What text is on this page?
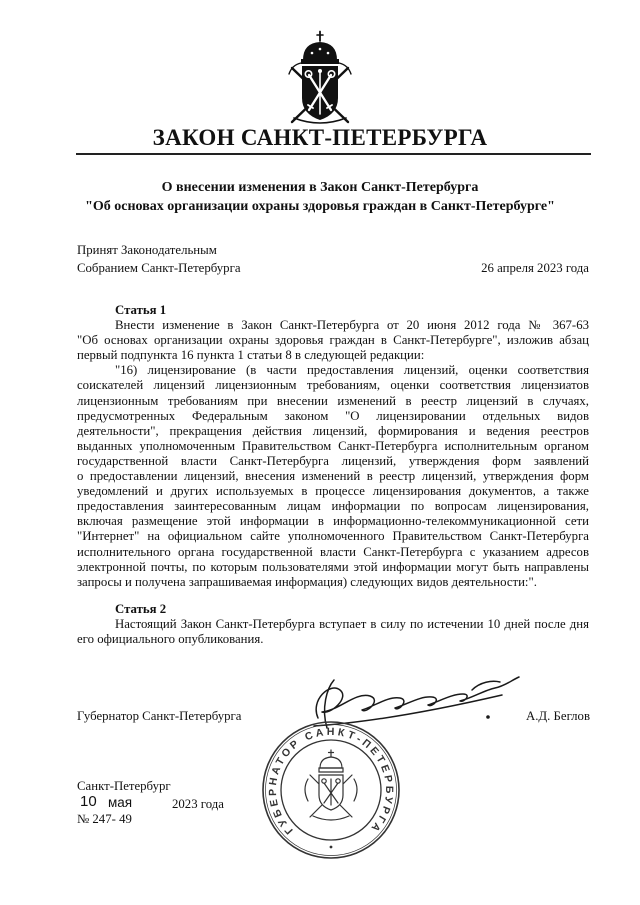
ЗАКОН САНКТ-ПЕТЕРБУРГА
О внесении изменения в Закон Санкт-Петербурга
"Об основах организации охраны здоровья граждан в Санкт-Петербурге"
Принят Законодательным
Собранием Санкт-Петербурга	26 апреля 2023 года
Статья 1
Внести изменение в Закон Санкт-Петербурга от 20 июня 2012 года № 367-63
"Об основах организации охраны здоровья граждан в Санкт-Петербурге", изложив абзац
первый подпункта 16 пункта 1 статьи 8 в следующей редакции:
"16) лицензирование (в части предоставления лицензий, оценки соответствия
соискателей лицензий лицензионным требованиям, оценки соответствия лицензиатов
лицензионным требованиям при внесении изменений в реестр лицензий в случаях,
предусмотренных Федеральным законом "О лицензировании отдельных видов
деятельности", прекращения действия лицензий, формирования и ведения реестров
выданных уполномоченным Правительством Санкт-Петербурга исполнительным органом
государственной власти Санкт-Петербурга лицензий, утверждения форм заявлений
о предоставлении лицензий, внесения изменений в реестр лицензий, утверждения форм
уведомлений и других используемых в процессе лицензирования документов, а также
предоставления заинтересованным лицам информации по вопросам лицензирования,
включая размещение этой информации в информационно-телекоммуникационной сети
"Интернет" на официальном сайте уполномоченного Правительством Санкт-Петербурга
исполнительного органа государственной власти Санкт-Петербурга с указанием адресов
электронной почты, по которым пользователями этой информации могут быть направлены
запросы и получена запрашиваемая информация) следующих видов деятельности:".
Статья 2
Настоящий Закон Санкт-Петербурга вступает в силу по истечении 10 дней после дня
его официального опубликования.
Губернатор Санкт-Петербурга	А.Д. Беглов
ГУБЕРНАТОР САНКТ-ПЕТЕРБУРГА
Санкт-Петербург
10 мая	2023 года
№ 247- 49
